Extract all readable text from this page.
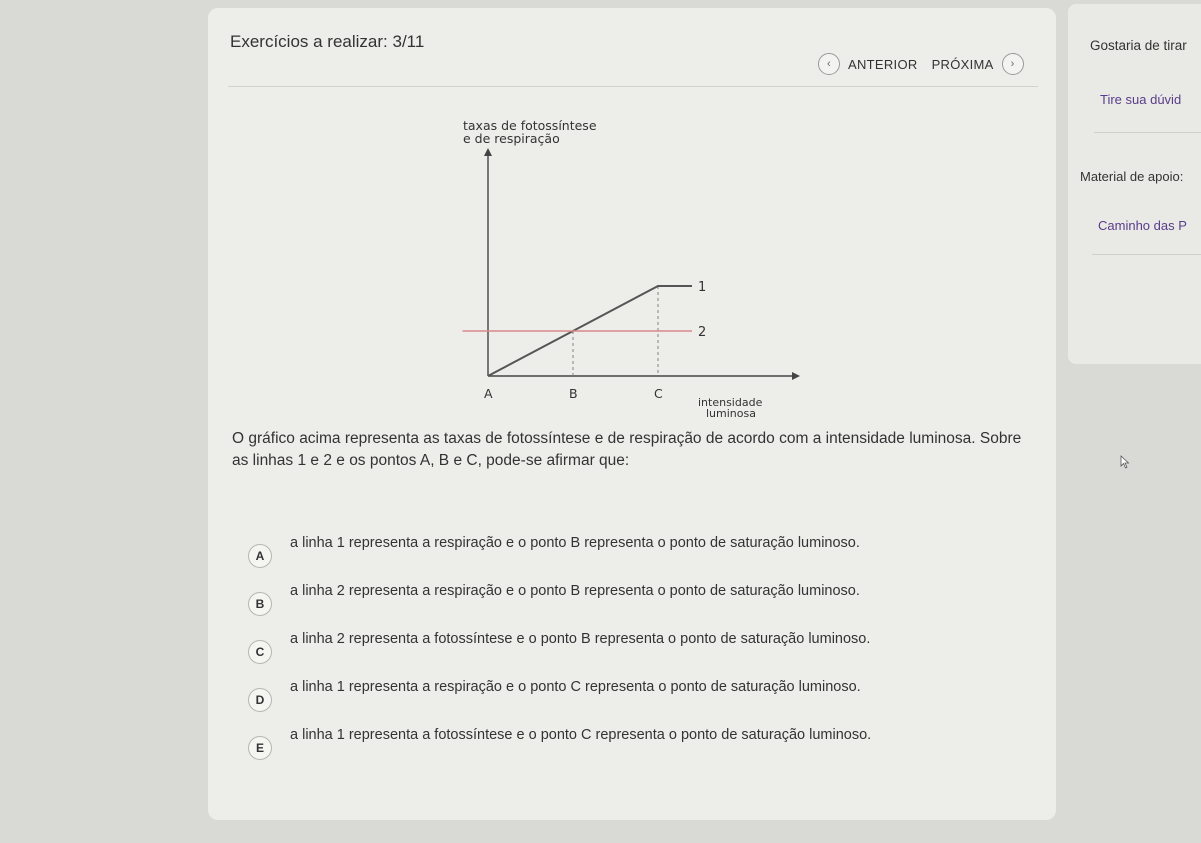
Exercícios a realizar: 3/11
‹	ANTERIOR PRÓXIMA	›
taxas de fotossíntese
e de respiração
1
2
A	B	C
intensidade
luminosa
O gráfico acima representa as taxas de fotossíntese e de respiração de acordo com a intensidade luminosa. Sobre as linhas 1 e 2 e os pontos A, B e C, pode-se afirmar que:
A
a linha 1 representa a respiração e o ponto B representa o ponto de saturação luminoso.
B
a linha 2 representa a respiração e o ponto B representa o ponto de saturação luminoso.
C
a linha 2 representa a fotossíntese e o ponto B representa o ponto de saturação luminoso.
D
a linha 1 representa a respiração e o ponto C representa o ponto de saturação luminoso.
E
a linha 1 representa a fotossíntese e o ponto C representa o ponto de saturação luminoso.
Gostaria de tirar
Tire sua dúvid
Material de apoio:
Caminho das P
